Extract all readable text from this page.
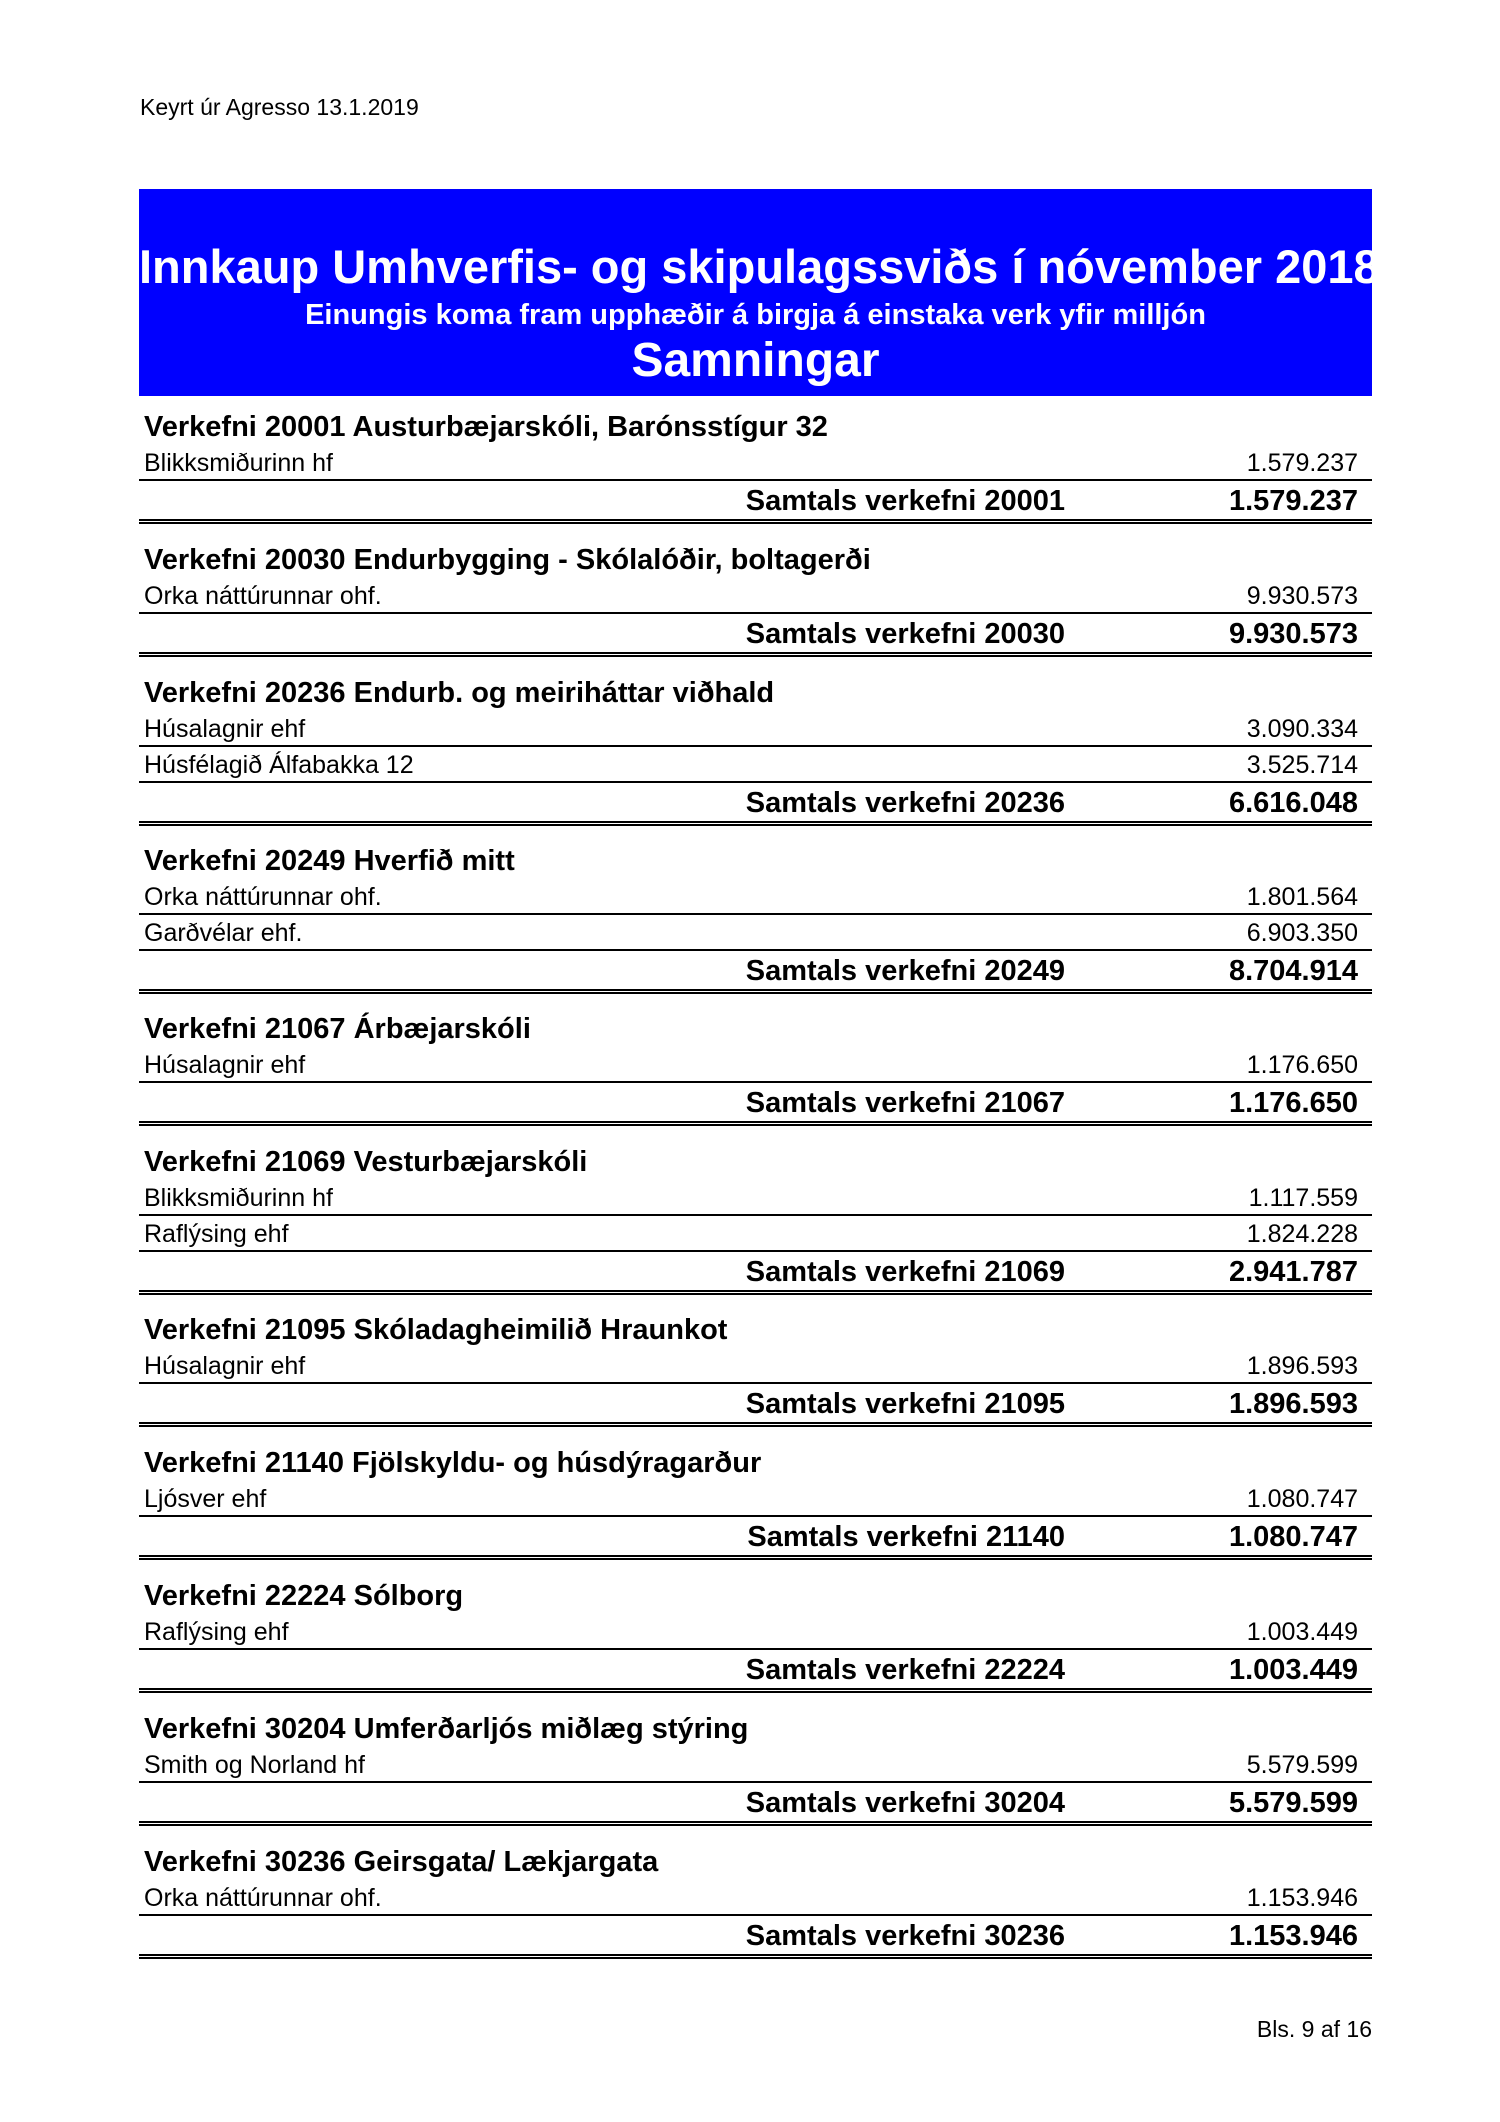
Keyrt úr Agresso 13.1.2019
Innkaup Umhverfis- og skipulagssviðs í nóvember 2018
Einungis koma fram upphæðir á birgja á einstaka verk yfir milljón
Samningar
Verkefni 20001 Austurbæjarskóli, Barónsstígur 32
Blikksmiðurinn hf	1.579.237
Samtals verkefni 20001	1.579.237
Verkefni 20030 Endurbygging - Skólalóðir, boltagerði
Orka náttúrunnar ohf.	9.930.573
Samtals verkefni 20030	9.930.573
Verkefni 20236 Endurb. og meiriháttar viðhald
Húsalagnir ehf	3.090.334
Húsfélagið Álfabakka 12	3.525.714
Samtals verkefni 20236	6.616.048
Verkefni 20249 Hverfið mitt
Orka náttúrunnar ohf.	1.801.564
Garðvélar ehf.	6.903.350
Samtals verkefni 20249	8.704.914
Verkefni 21067 Árbæjarskóli
Húsalagnir ehf	1.176.650
Samtals verkefni 21067	1.176.650
Verkefni 21069 Vesturbæjarskóli
Blikksmiðurinn hf	1.117.559
Raflýsing ehf	1.824.228
Samtals verkefni 21069	2.941.787
Verkefni 21095 Skóladagheimilið Hraunkot
Húsalagnir ehf	1.896.593
Samtals verkefni 21095	1.896.593
Verkefni 21140 Fjölskyldu- og húsdýragarður
Ljósver ehf	1.080.747
Samtals verkefni 21140	1.080.747
Verkefni 22224 Sólborg
Raflýsing ehf	1.003.449
Samtals verkefni 22224	1.003.449
Verkefni 30204 Umferðarljós miðlæg stýring
Smith og Norland hf	5.579.599
Samtals verkefni 30204	5.579.599
Verkefni 30236 Geirsgata/ Lækjargata
Orka náttúrunnar ohf.	1.153.946
Samtals verkefni 30236	1.153.946
Bls. 9 af 16
